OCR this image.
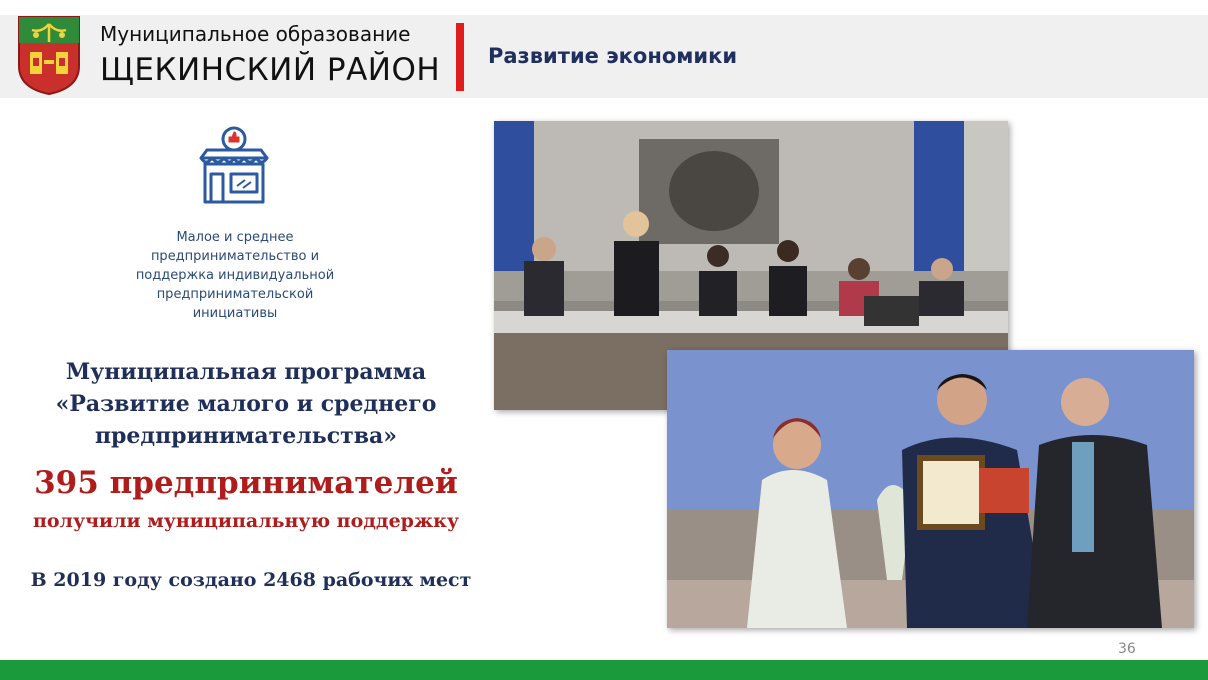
Муниципальное образование
ЩЕКИНСКИЙ РАЙОН Развитие экономики
Малое и среднее
предпринимательство и
поддержка индивидуальной
предпринимательской
инициативы
Муниципальная программа
«Развитие малого и среднего
предпринимательства»
395 предпринимателей
получили муниципальную поддержку
В 2019 году создано 2468 рабочих мест
36
